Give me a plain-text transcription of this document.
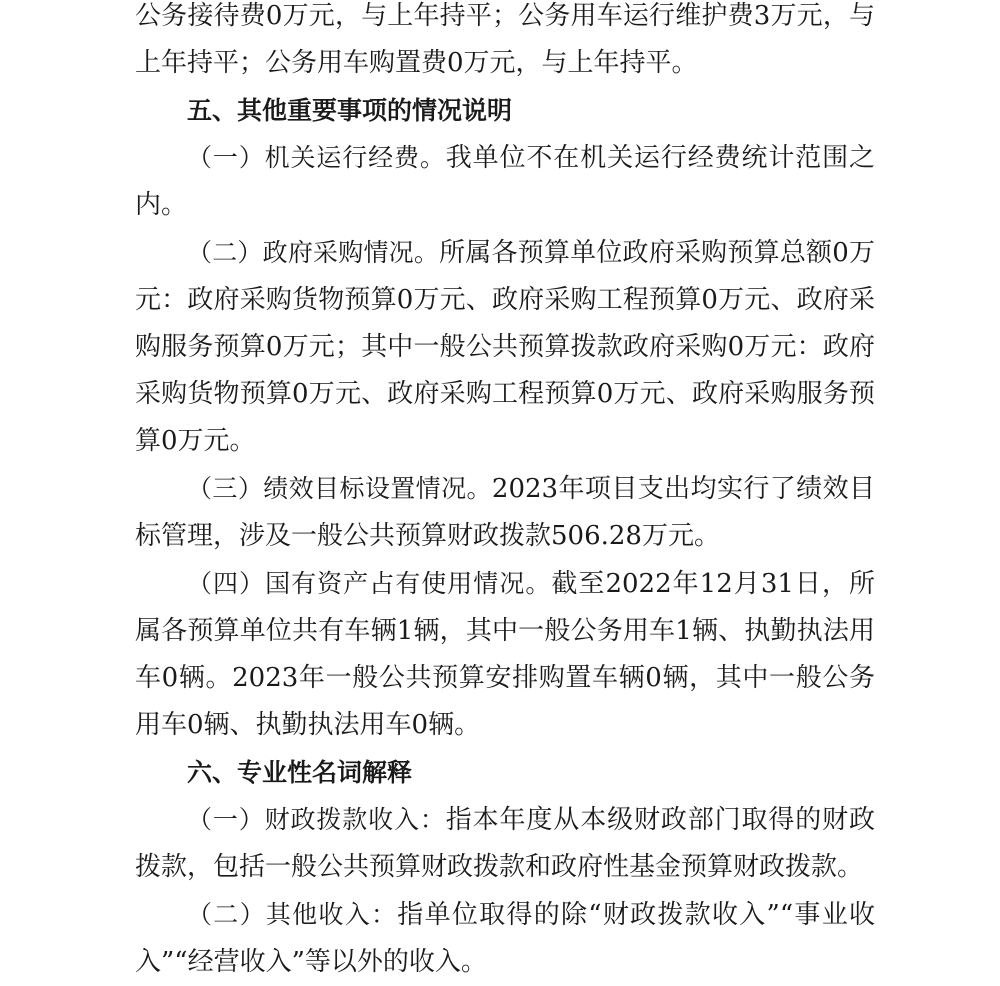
公务接待费0万元，与上年持平；公务用车运行维护费3万元，与上年持平；公务用车购置费0万元，与上年持平。

五、其他重要事项的情况说明

（一）机关运行经费。我单位不在机关运行经费统计范围之内。

（二）政府采购情况。所属各预算单位政府采购预算总额0万元：政府采购货物预算0万元、政府采购工程预算0万元、政府采购服务预算0万元；其中一般公共预算拨款政府采购0万元：政府采购货物预算0万元、政府采购工程预算0万元、政府采购服务预算0万元。

（三）绩效目标设置情况。2023年项目支出均实行了绩效目标管理，涉及一般公共预算财政拨款506.28万元。

（四）国有资产占有使用情况。截至2022年12月31日，所属各预算单位共有车辆1辆，其中一般公务用车1辆、执勤执法用车0辆。2023年一般公共预算安排购置车辆0辆，其中一般公务用车0辆、执勤执法用车0辆。

六、专业性名词解释

（一）财政拨款收入：指本年度从本级财政部门取得的财政拨款，包括一般公共预算财政拨款和政府性基金预算财政拨款。

（二）其他收入：指单位取得的除“财政拨款收入”“事业收入”“经营收入”等以外的收入。
